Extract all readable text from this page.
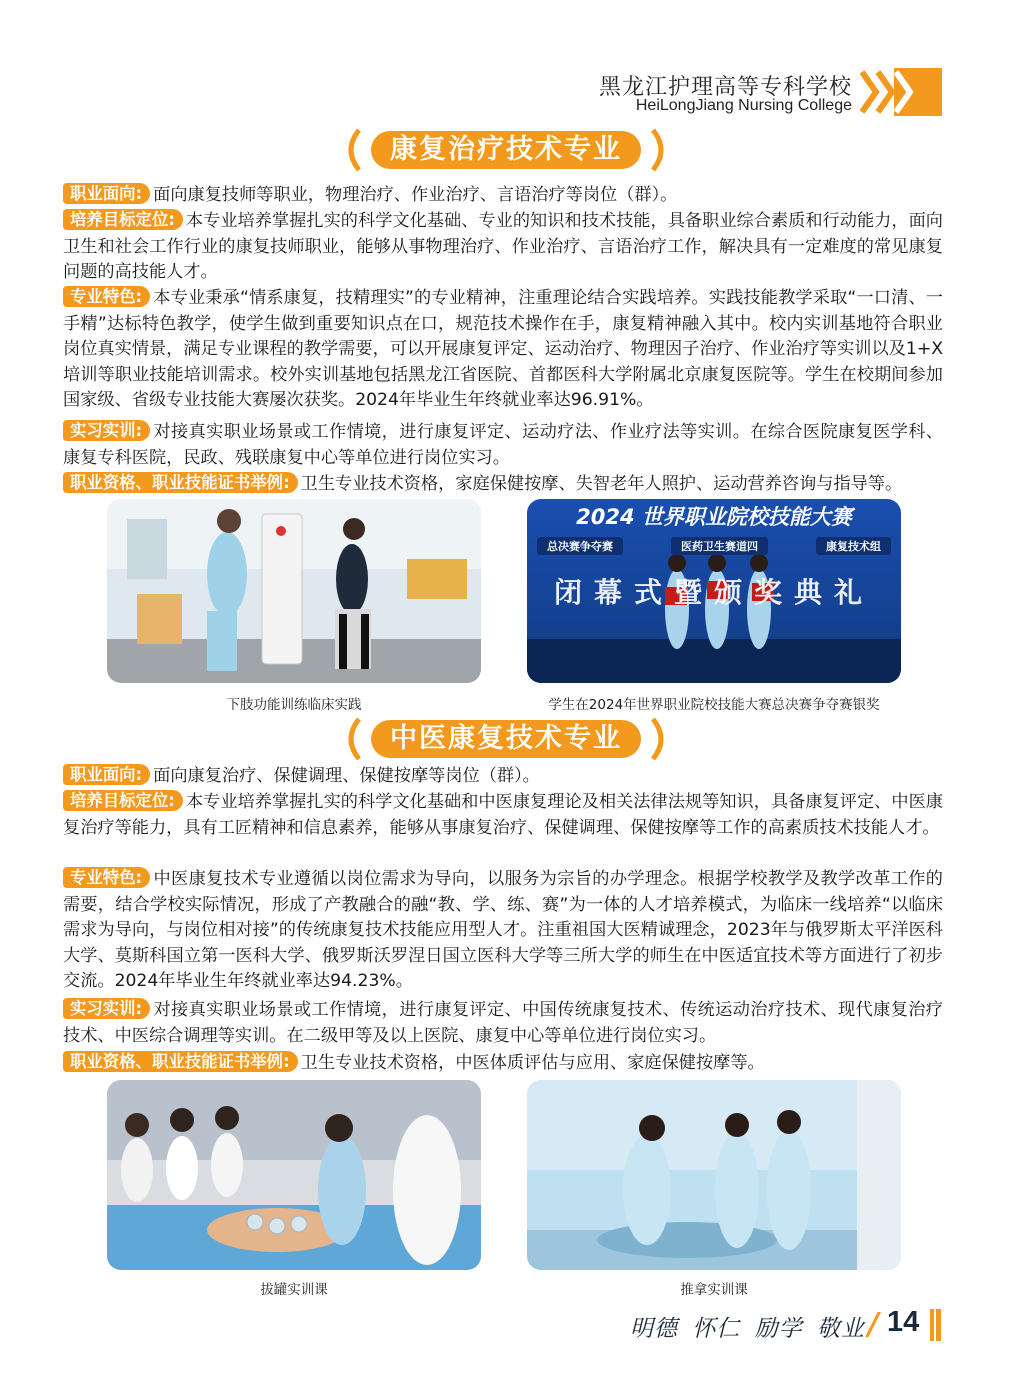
黑龙江护理高等专科学校
HeiLongJiang Nursing College
康复治疗技术专业
职业面向: 面向康复技师等职业，物理治疗、作业治疗、言语治疗等岗位（群）。
培养目标定位: 本专业培养掌握扎实的科学文化基础、专业的知识和技术技能，具备职业综合素质和行动能力，面向卫生和社会工作行业的康复技师职业，能够从事物理治疗、作业治疗、言语治疗工作，解决具有一定难度的常见康复问题的高技能人才。
专业特色: 本专业秉承“情系康复，技精理实”的专业精神，注重理论结合实践培养。实践技能教学采取“一口清、一手精”达标特色教学，使学生做到重要知识点在口，规范技术操作在手，康复精神融入其中。校内实训基地符合职业岗位真实情景，满足专业课程的教学需要，可以开展康复评定、运动治疗、物理因子治疗、作业治疗等实训以及1+X培训等职业技能培训需求。校外实训基地包括黑龙江省医院、首都医科大学附属北京康复医院等。学生在校期间参加国家级、省级专业技能大赛屡次获奖。2024年毕业生年终就业率达96.91%。
实习实训: 对接真实职业场景或工作情境，进行康复评定、运动疗法、作业疗法等实训。在综合医院康复医学科、康复专科医院，民政、残联康复中心等单位进行岗位实习。
职业资格、职业技能证书举例: 卫生专业技术资格，家庭保健按摩、失智老年人照护、运动营养咨询与指导等。
下肢功能训练临床实践
2024 世界职业院校技能大赛
总决赛争夺赛	医药卫生赛道四	康复技术组
闭幕式暨颁奖典礼
学生在2024年世界职业院校技能大赛总决赛争夺赛银奖
中医康复技术专业
职业面向: 面向康复治疗、保健调理、保健按摩等岗位（群）。
培养目标定位: 本专业培养掌握扎实的科学文化基础和中医康复理论及相关法律法规等知识，具备康复评定、中医康复治疗等能力，具有工匠精神和信息素养，能够从事康复治疗、保健调理、保健按摩等工作的高素质技术技能人才。
专业特色: 中医康复技术专业遵循以岗位需求为导向，以服务为宗旨的办学理念。根据学校教学及教学改革工作的需要，结合学校实际情况，形成了产教融合的融“教、学、练、赛”为一体的人才培养模式，为临床一线培养“以临床需求为导向，与岗位相对接”的传统康复技术技能应用型人才。注重祖国大医精诚理念，2023年与俄罗斯太平洋医科大学、莫斯科国立第一医科大学、俄罗斯沃罗涅日国立医科大学等三所大学的师生在中医适宜技术等方面进行了初步交流。2024年毕业生年终就业率达94.23%。
实习实训: 对接真实职业场景或工作情境，进行康复评定、中国传统康复技术、传统运动治疗技术、现代康复治疗技术、中医综合调理等实训。在二级甲等及以上医院、康复中心等单位进行岗位实习。
职业资格、职业技能证书举例: 卫生专业技术资格，中医体质评估与应用、家庭保健按摩等。
拔罐实训课	推拿实训课
明德 怀仁 励学 敬业 / 14
